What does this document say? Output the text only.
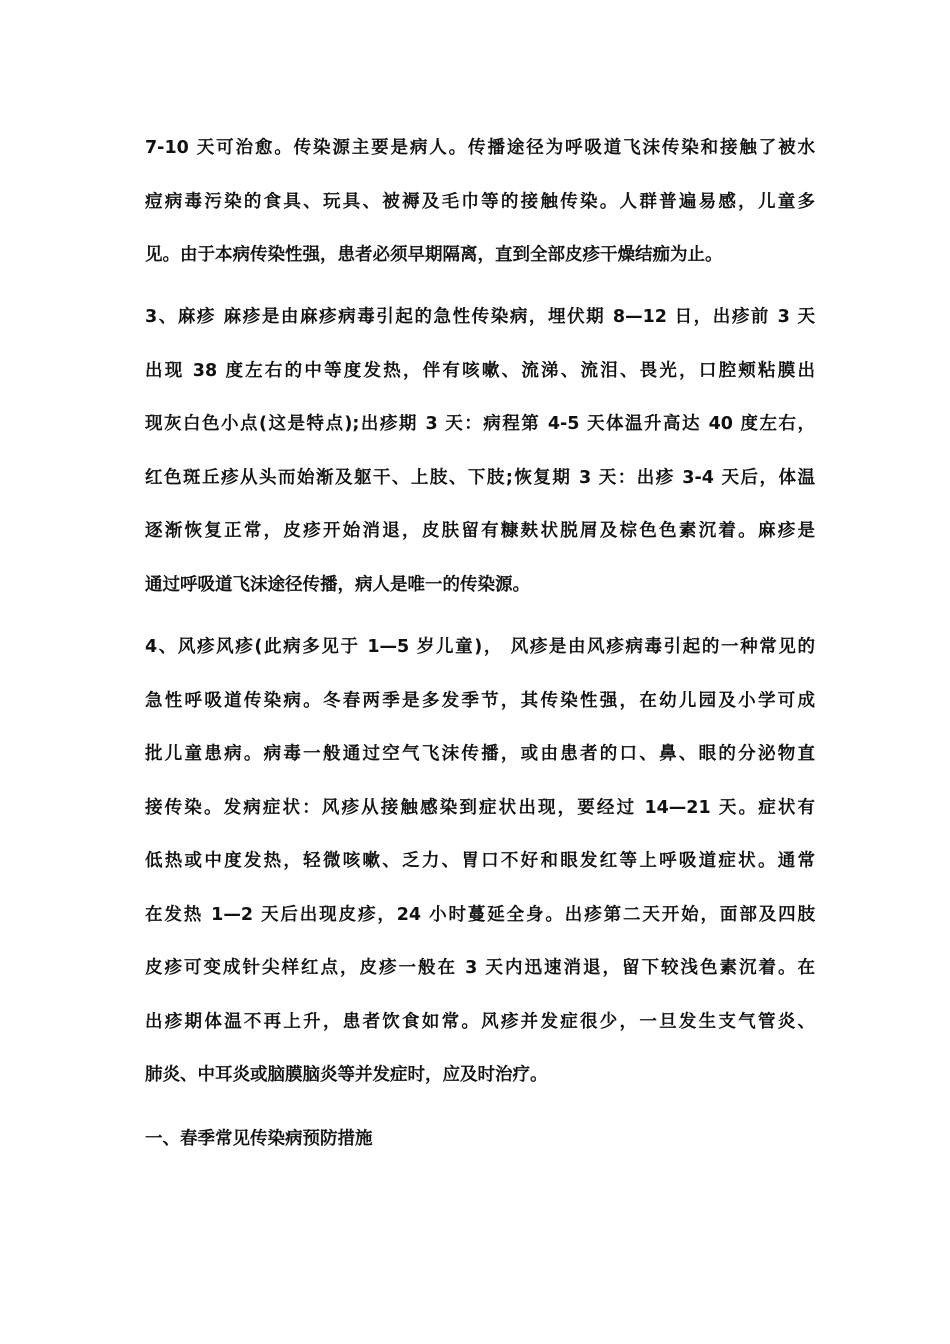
7-10 天可治愈。传染源主要是病人。传播途径为呼吸道飞沫传染和接触了被水
痘病毒污染的食具、玩具、被褥及毛巾等的接触传染。人群普遍易感，儿童多
见。由于本病传染性强，患者必须早期隔离，直到全部皮疹干燥结痂为止。

3、麻疹 麻疹是由麻疹病毒引起的急性传染病，埋伏期 8—12 日，出疹前 3 天
出现 38 度左右的中等度发热，伴有咳嗽、流涕、流泪、畏光，口腔颊粘膜出
现灰白色小点(这是特点);出疹期 3 天：病程第 4-5 天体温升高达 40 度左右，
红色斑丘疹从头而始渐及躯干、上肢、下肢;恢复期 3 天：出疹 3-4 天后，体温
逐渐恢复正常，皮疹开始消退，皮肤留有糠麸状脱屑及棕色色素沉着。麻疹是
通过呼吸道飞沫途径传播，病人是唯一的传染源。

4、风疹风疹(此病多见于 1—5 岁儿童)， 风疹是由风疹病毒引起的一种常见的
急性呼吸道传染病。冬春两季是多发季节，其传染性强，在幼儿园及小学可成
批儿童患病。病毒一般通过空气飞沫传播，或由患者的口、鼻、眼的分泌物直
接传染。发病症状：风疹从接触感染到症状出现，要经过 14—21 天。症状有
低热或中度发热，轻微咳嗽、乏力、胃口不好和眼发红等上呼吸道症状。通常
在发热 1—2 天后出现皮疹，24 小时蔓延全身。出疹第二天开始，面部及四肢
皮疹可变成针尖样红点，皮疹一般在 3 天内迅速消退，留下较浅色素沉着。在
出疹期体温不再上升，患者饮食如常。风疹并发症很少，一旦发生支气管炎、
肺炎、中耳炎或脑膜脑炎等并发症时，应及时治疗。

一、春季常见传染病预防措施
